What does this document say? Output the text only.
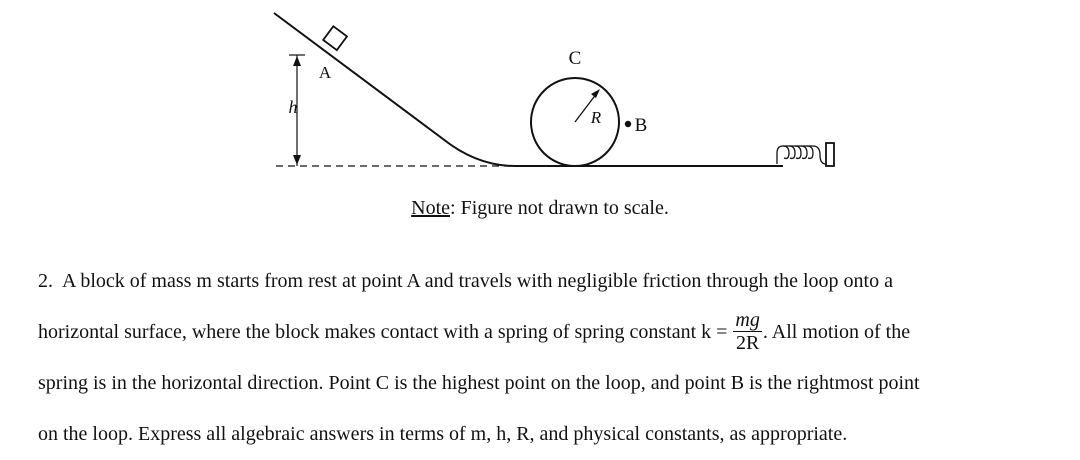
A
C
B
R
h
Note: Figure not drawn to scale.

2. A block of mass m starts from rest at point A and travels with negligible friction through the loop onto a
horizontal surface, where the block makes contact with a spring of spring constant $k = \frac{mg}{2R}$ . All motion of the
spring is in the horizontal direction. Point C is the highest point on the loop, and point B is the rightmost point
on the loop. Express all algebraic answers in terms of m, h, R, and physical constants, as appropriate.
